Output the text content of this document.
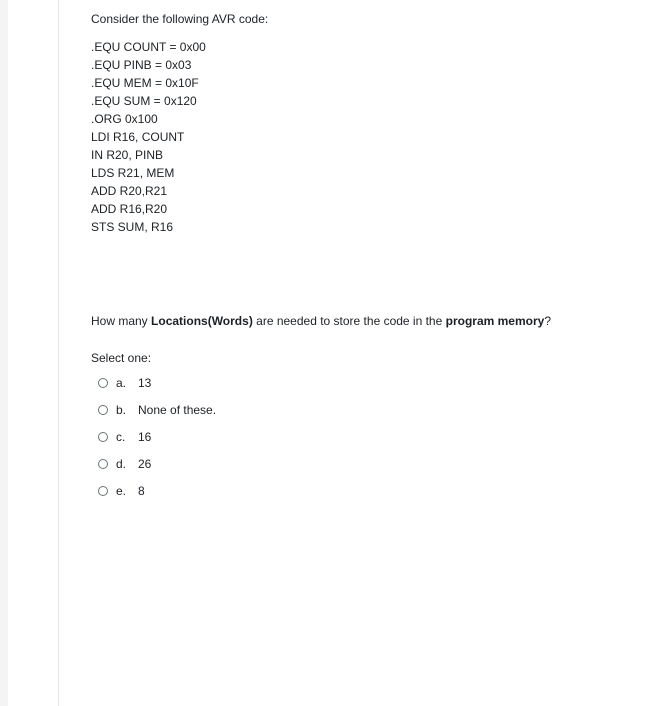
Consider the following AVR code:
.EQU COUNT = 0x00
.EQU PINB = 0x03
.EQU MEM = 0x10F
.EQU SUM = 0x120
.ORG 0x100
LDI R16, COUNT
IN R20, PINB
LDS R21, MEM
ADD R20,R21
ADD R16,R20
STS SUM, R16
How many Locations(Words) are needed to store the code in the program memory?
Select one:
a. 13
b. None of these.
c.	16
d. 26
e. 8
